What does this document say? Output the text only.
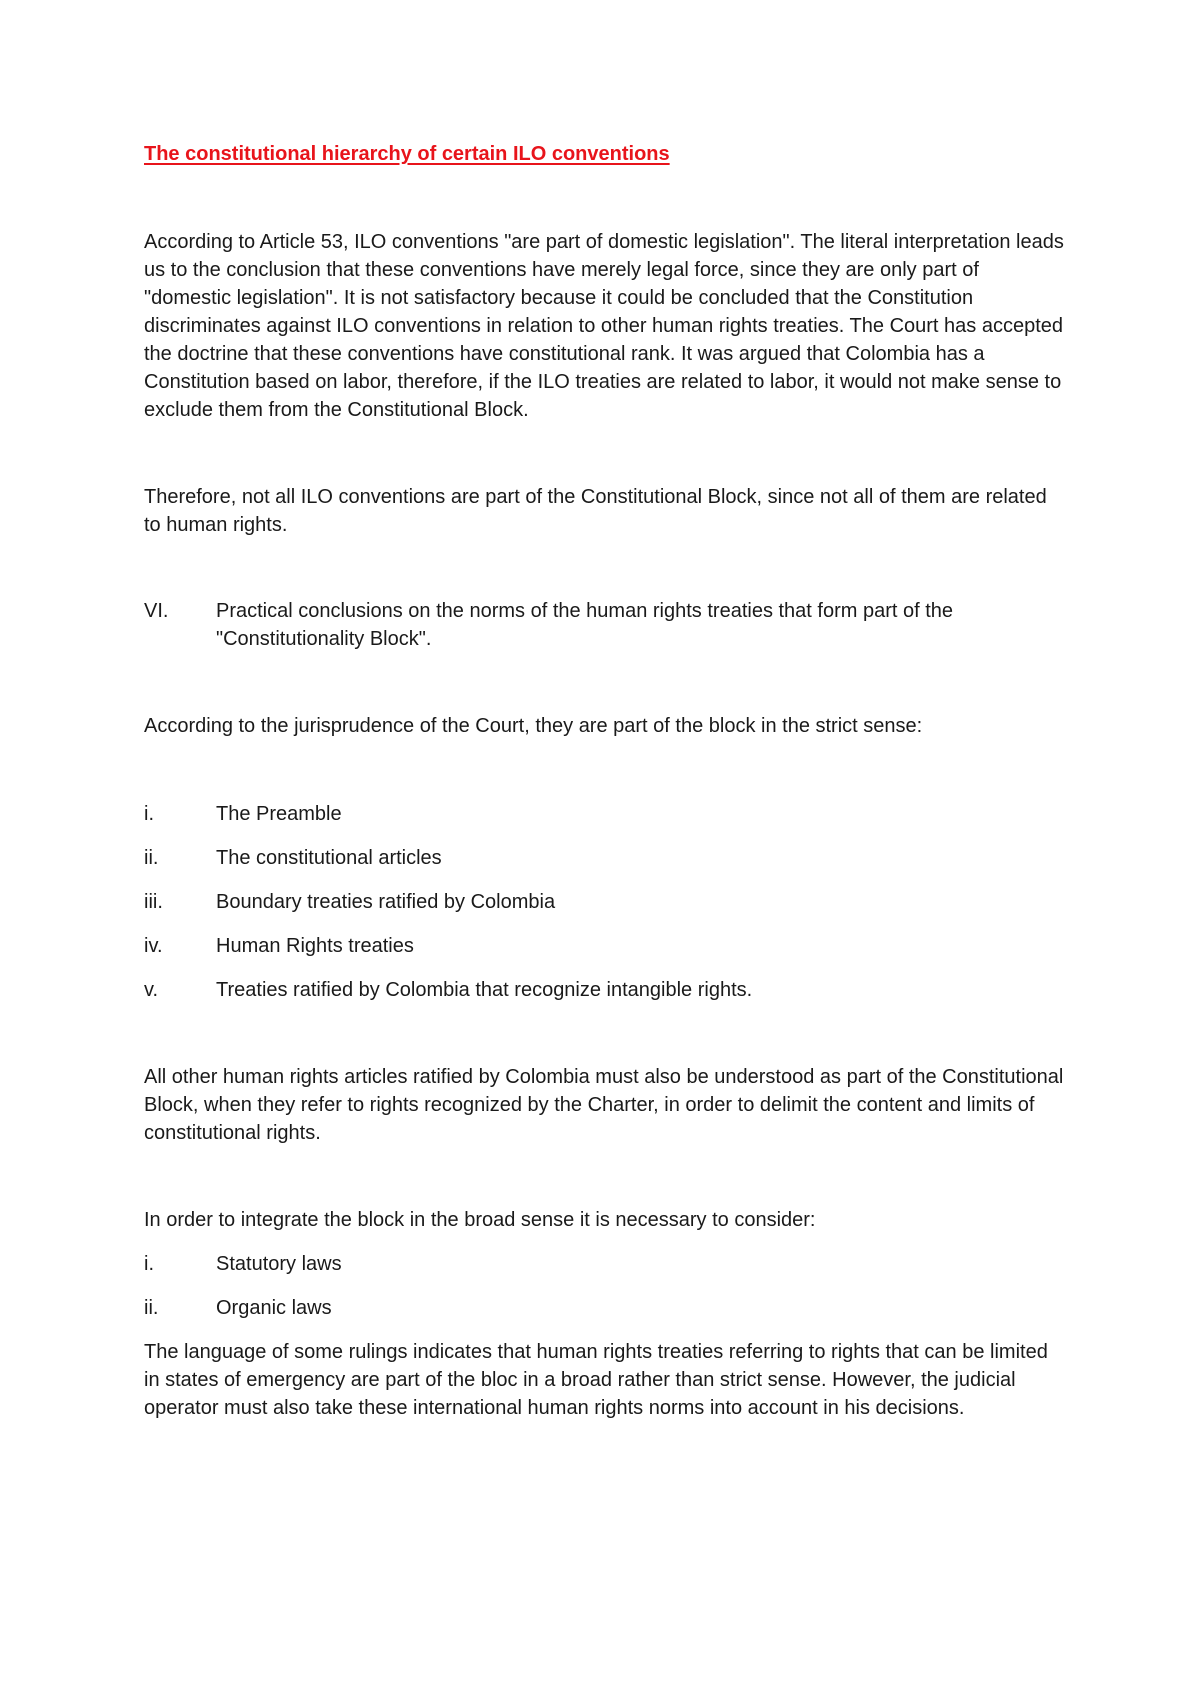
The constitutional hierarchy of certain ILO conventions

According to Article 53, ILO conventions "are part of domestic legislation". The literal interpretation leads us to the conclusion that these conventions have merely legal force, since they are only part of "domestic legislation". It is not satisfactory because it could be concluded that the Constitution discriminates against ILO conventions in relation to other human rights treaties. The Court has accepted the doctrine that these conventions have constitutional rank. It was argued that Colombia has a Constitution based on labor, therefore, if the ILO treaties are related to labor, it would not make sense to exclude them from the Constitutional Block.

Therefore, not all ILO conventions are part of the Constitutional Block, since not all of them are related to human rights.

VI.	Practical conclusions on the norms of the human rights treaties that form part of the "Constitutionality Block".

According to the jurisprudence of the Court, they are part of the block in the strict sense:

i.	The Preamble
ii.	The constitutional articles
iii.	Boundary treaties ratified by Colombia
iv.	Human Rights treaties
v.	Treaties ratified by Colombia that recognize intangible rights.

All other human rights articles ratified by Colombia must also be understood as part of the Constitutional Block, when they refer to rights recognized by the Charter, in order to delimit the content and limits of constitutional rights.

In order to integrate the block in the broad sense it is necessary to consider:

i.	Statutory laws
ii.	Organic laws

The language of some rulings indicates that human rights treaties referring to rights that can be limited in states of emergency are part of the bloc in a broad rather than strict sense. However, the judicial operator must also take these international human rights norms into account in his decisions.
